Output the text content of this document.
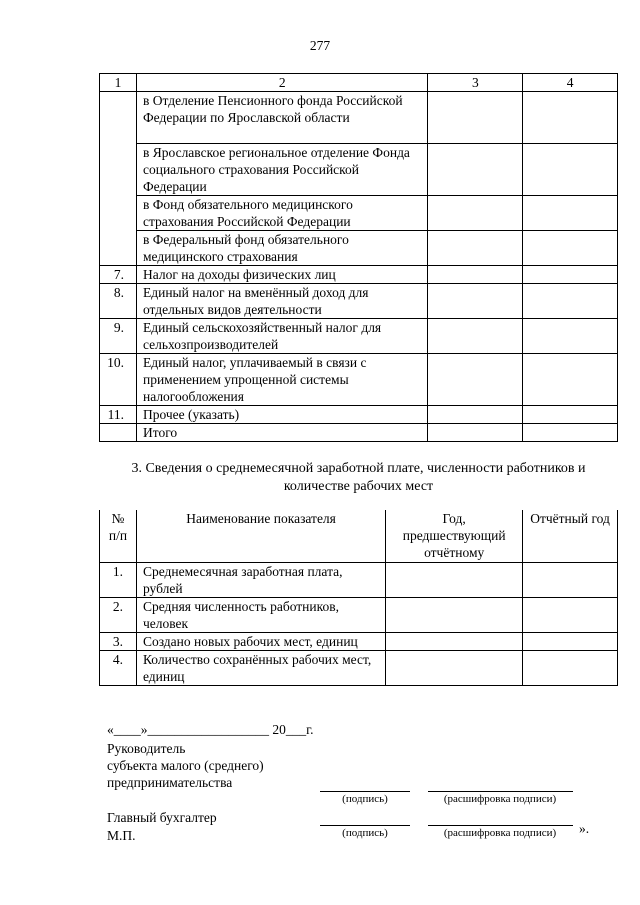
277
1	2	3	4

	в Отделение Пенсионного фонда Российской Федерации по Ярославской области
в Ярославское региональное отделение Фонда социального страхования Российской Федерации
в Фонд обязательного медицинского страхования Российской Федерации
в Федеральный фонд обязательного медицинского страхования		

7.	Налог на доходы физических лиц		
8.	Единый налог на вменённый доход для отдельных видов деятельности		
9.	Единый сельскохозяйственный налог для сельхозпроизводителей		
10.	Единый налог, уплачиваемый в связи с применением упрощенной системы налогообложения		
11.	Прочее (указать)		
	Итого		
3. Сведения о среднемесячной заработной плате, численности работников и количестве рабочих мест
№ п/п	Наименование показателя	Год, предшествующий отчётному	Отчётный год
1.	Среднемесячная заработная плата, рублей		
2.	Средняя численность работников, человек		
3.	Создано новых рабочих мест, единиц		
4.	Количество сохранённых рабочих мест, единиц		
«____»__________________ 20___г.
Руководитель
субъекта малого (среднего)
предпринимательства
(подпись)	(расшифровка подписи)
Главный бухгалтер
М.П.	(подпись)	(расшифровка подписи)	».
